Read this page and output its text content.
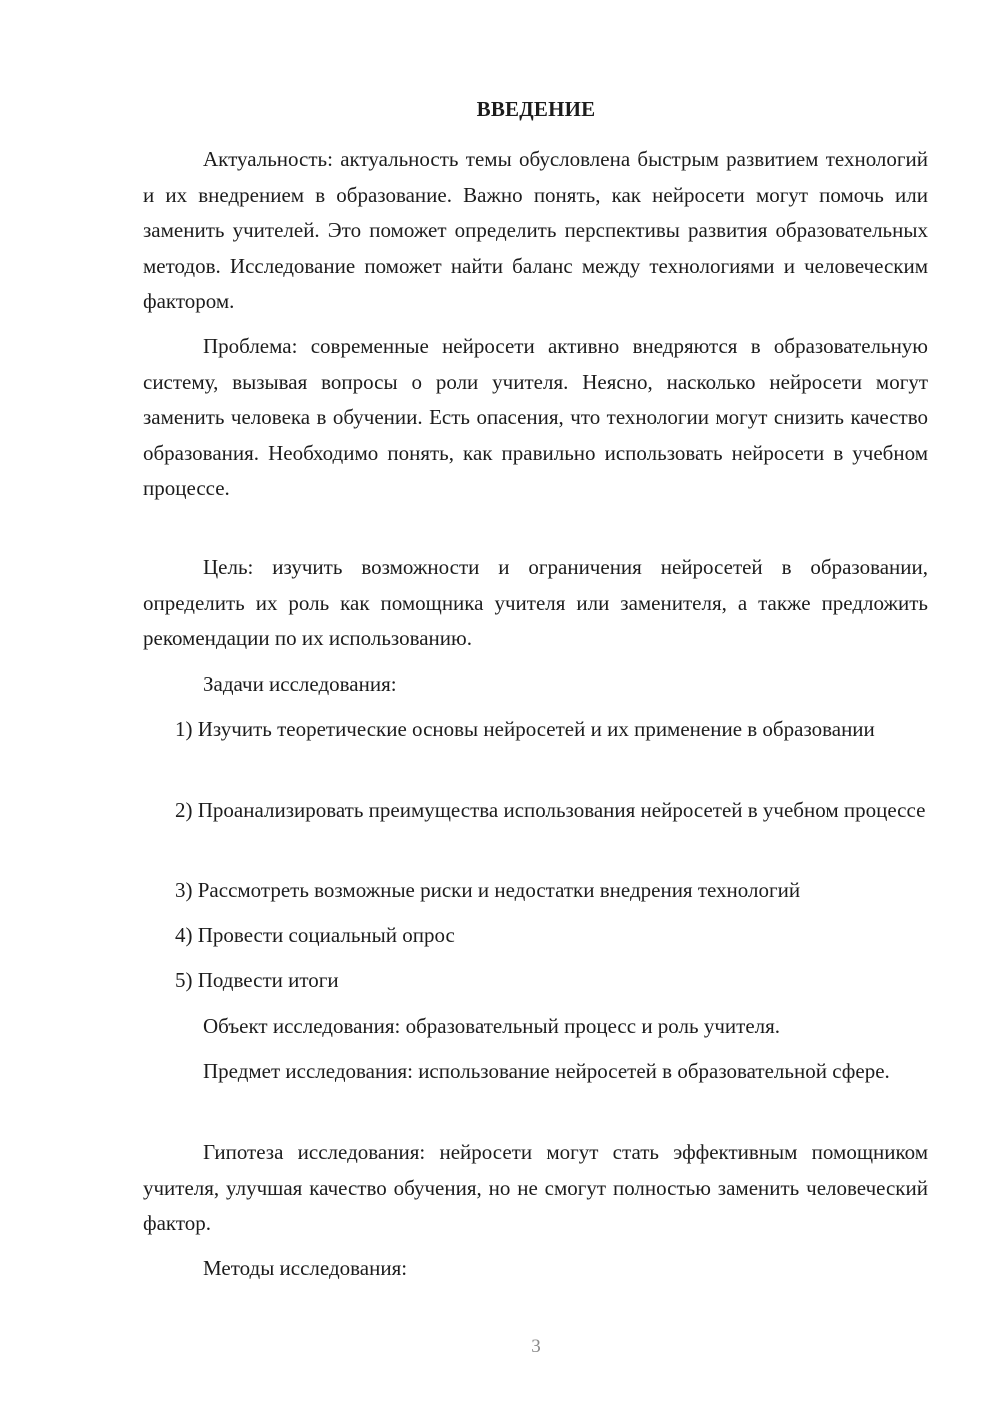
ВВЕДЕНИЕ
Актуальность: актуальность темы обусловлена быстрым развитием технологий и их внедрением в образование. Важно понять, как нейросети могут помочь или заменить учителей. Это поможет определить перспективы развития образовательных методов. Исследование поможет найти баланс между технологиями и человеческим фактором.
Проблема: современные нейросети активно внедряются в образовательную систему, вызывая вопросы о роли учителя. Неясно, насколько нейросети могут заменить человека в обучении. Есть опасения, что технологии могут снизить качество образования. Необходимо понять, как правильно использовать нейросети в учебном процессе.
Цель: изучить возможности и ограничения нейросетей в образовании, определить их роль как помощника учителя или заменителя, а также предложить рекомендации по их использованию.
Задачи исследования:
1) Изучить теоретические основы нейросетей и их применение в образовании
2) Проанализировать преимущества использования нейросетей в учебном процессе
3) Рассмотреть возможные риски и недостатки внедрения технологий
4) Провести социальный опрос
5) Подвести итоги
Объект исследования: образовательный процесс и роль учителя.
Предмет исследования: использование нейросетей в образовательной сфере.
Гипотеза исследования: нейросети могут стать эффективным помощником учителя, улучшая качество обучения, но не смогут полностью заменить человеческий фактор.
Методы исследования:
3
